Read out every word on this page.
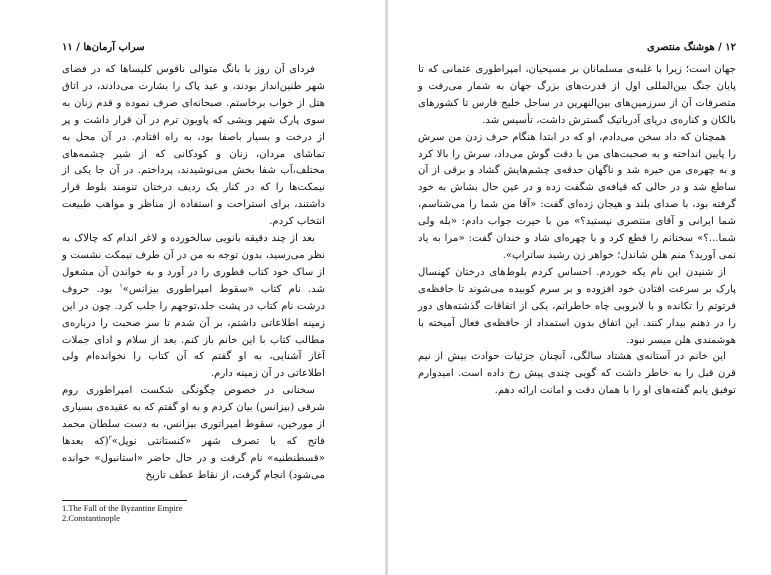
سراب آرمان‌ها / ۱۱

فردای آن روز با بانگ متوالی ناقوس کلیساها که در فضای شهر طنین‌انداز بودند، و عید پاک را بشارت می‌دادند، در اتاق هتل از خواب برخاستم. صبحانه‌ای صرف نموده و قدم زنان به سوی پارک شهر ویشی که پاویون ترم در آن قرار داشت و پر از درخت و بسیار باصفا بود، به راه افتادم. در آن محل به تماشای مردان، زنان و کودکانی که از شیر چشمه‌های مختلف،آب شفا بخش می‌نوشیدند، پرداختم. در آن جا یکی از نیمکت‌ها را که در کنار یک ردیف درختان تنومند بلوط قرار داشتند، برای استراحت و استفاده از مناظر و مواهب طبیعت انتخاب کردم.

بعد از چند دقیقه بانویی سالخورده و لاغر اندام که چالاک به نظر می‌رسید، بدون توجه به من در آن طرف نیمکت نشست و از ساک خود کتاب قطوری را در آورد و به خواندن آن مشغول شد. نام کتاب «سقوط امپراطوری بیزانس»$^۱$ بود. حروف درشت نام کتاب در پشت جلد،توجهم را جلب کرد. چون در این زمینه اطلاعاتی داشتم، بر آن شدم تا سر صحبت را درباره‌ی مطالب کتاب با این خانم باز کنم. بعد از سلام و ادای جملات آغاز آشنایی، به او گفتم که آن کتاب را نخوانده‌ام ولی اطلاعاتی در آن زمینه دارم.

سخنانی در خصوص چگونگی شکست امپراطوری روم شرقی (بیزانس) بیان کردم و به او گفتم که به عقیده‌ی بسیاری از مورخین، سقوط امپراتوری بیزانس، به دست سلطان محمد فاتح که با تصرف شهر «کنستانتی نوپل»$^۲$(که بعدها «قسطنطنیه» نام گرفت و در حال حاضر «استانبول» خوانده می‌شود) انجام گرفت، از نقاط عطف تاریخ

1.The Fall of the Byzantine Empire
2.Constantinople
۱۲ / هوشنگ منتصری

جهان است؛ زیرا با غلبه‌ی مسلمانان بر مسیحیان، امپراطوری عثمانی که تا پایان جنگ بین‌المللی اول از قدرت‌های بزرگ جهان به شمار می‌رفت و متصرفات آن از سرزمین‌های بین‌النهرین در ساحل خلیج فارس تا کشورهای بالکان و کناره‌ی دریای آدریاتیک گسترش داشت، تأسیس شد.

همچنان که داد سخن می‌دادم، او که در ابتدا هنگام حرف زدن من سرش را پایین انداخته و به صحبت‌های من با دقت گوش می‌داد، سرش را بالا کرد و به چهره‌ی من خیره شد و ناگهان حدقه‌ی چشم‌هایش گشاد و برقی از آن ساطع شد و در حالی که قیافه‌ی شگفت زده و در عین حال بشاش به خود گرفته بود، با صدای بلند و هیجان زده‌ای گفت: «آقا من شما را می‌شناسم، شما ایرانی و آقای منتصری نیستید؟» من با حیرت جواب دادم: «بله ولی شما...؟» سخنانم را قطع کرد و با چهره‌ای شاد و خندان گفت: «مرا به یاد نمی آورید؟ منم هلن شاندل؛ خواهر زن رشید ساتراپ».

از شنیدن این نام یکه خوردم. احساس کردم بلوط‌های درختان کهنسال پارک بر سرعت افتادن خود افزوده و بر سرم کوبیده می‌شوند تا حافظه‌ی فرتوتم را تکانده و با لابروبی چاه خاطراتم، یکی از اتفاقات گذشته‌های دور را در ذهنم بیدار کنند. این اتفاق بدون استمداد از حافظه‌ی فعال آمیخته با هوشمندی هلن میسر نبود.

این خانم در آستانه‌ی هشتاد سالگی، آنچنان جزئیات حوادث بیش از نیم قرن قبل را به خاطر داشت که گویی چندی پیش رخ داده است. امیدوارم توفیق یابم گفته‌های او را با همان دقت و امانت ارائه دهم.
